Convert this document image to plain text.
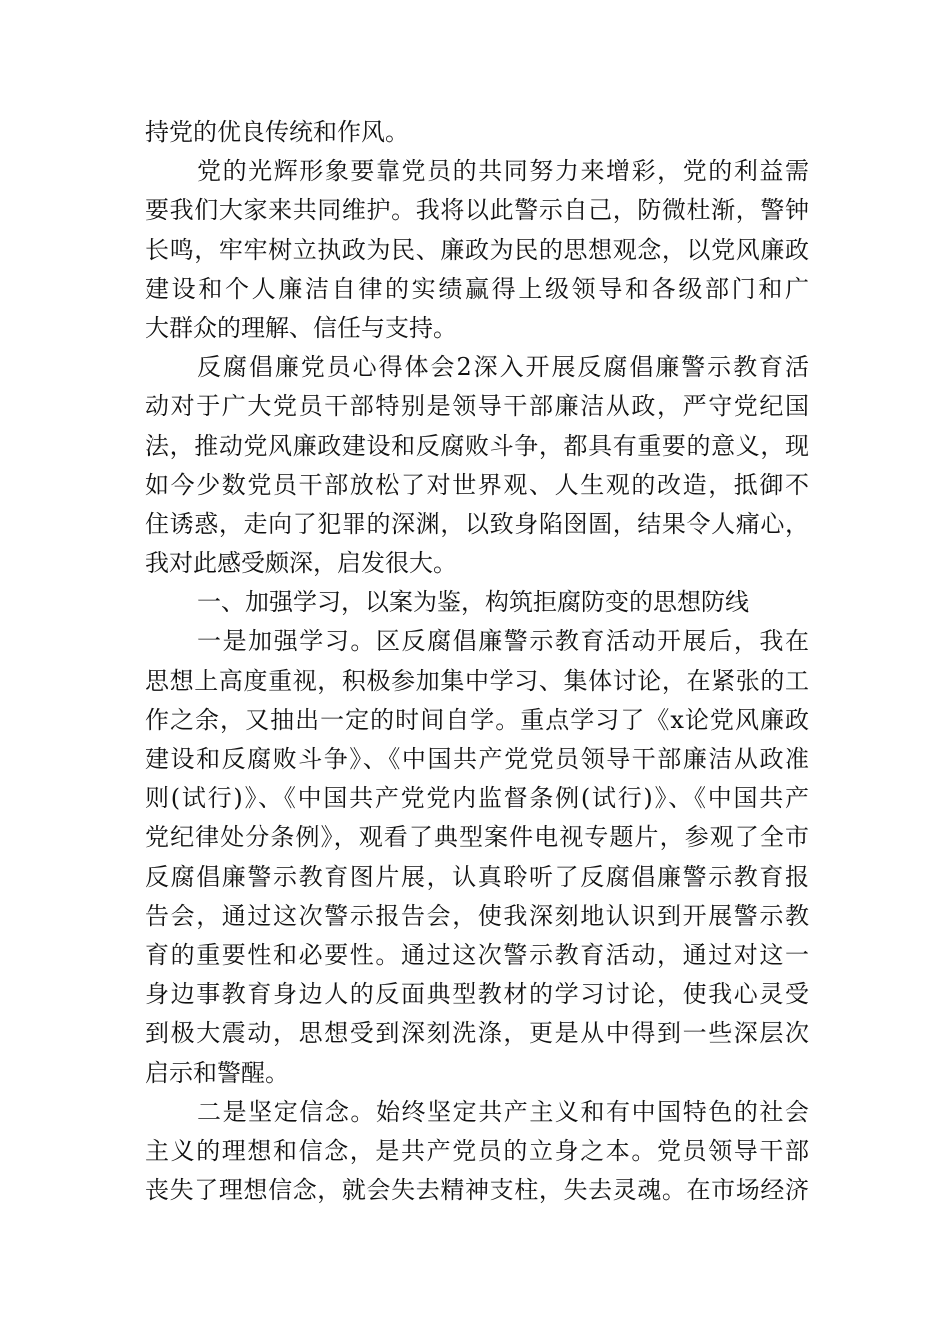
持党的优良传统和作风。
党的光辉形象要靠党员的共同努力来增彩，党的利益需
要我们大家来共同维护。我将以此警示自己，防微杜渐，警钟
长鸣，牢牢树立执政为民、廉政为民的思想观念，以党风廉政
建设和个人廉洁自律的实绩赢得上级领导和各级部门和广
大群众的理解、信任与支持。
反腐倡廉党员心得体会2深入开展反腐倡廉警示教育活
动对于广大党员干部特别是领导干部廉洁从政，严守党纪国
法，推动党风廉政建设和反腐败斗争，都具有重要的意义，现
如今少数党员干部放松了对世界观、人生观的改造，抵御不
住诱惑，走向了犯罪的深渊，以致身陷囹圄，结果令人痛心，
我对此感受颇深，启发很大。
一、加强学习，以案为鉴，构筑拒腐防变的思想防线
一是加强学习。区反腐倡廉警示教育活动开展后，我在
思想上高度重视，积极参加集中学习、集体讨论，在紧张的工
作之余，又抽出一定的时间自学。重点学习了《x论党风廉政
建设和反腐败斗争》、《中国共产党党员领导干部廉洁从政准
则(试行)》、《中国共产党党内监督条例(试行)》、《中国共产
党纪律处分条例》，观看了典型案件电视专题片，参观了全市
反腐倡廉警示教育图片展，认真聆听了反腐倡廉警示教育报
告会，通过这次警示报告会，使我深刻地认识到开展警示教
育的重要性和必要性。通过这次警示教育活动，通过对这一
身边事教育身边人的反面典型教材的学习讨论，使我心灵受
到极大震动，思想受到深刻洗涤，更是从中得到一些深层次
启示和警醒。
二是坚定信念。始终坚定共产主义和有中国特色的社会
主义的理想和信念，是共产党员的立身之本。党员领导干部
丧失了理想信念，就会失去精神支柱，失去灵魂。在市场经济
